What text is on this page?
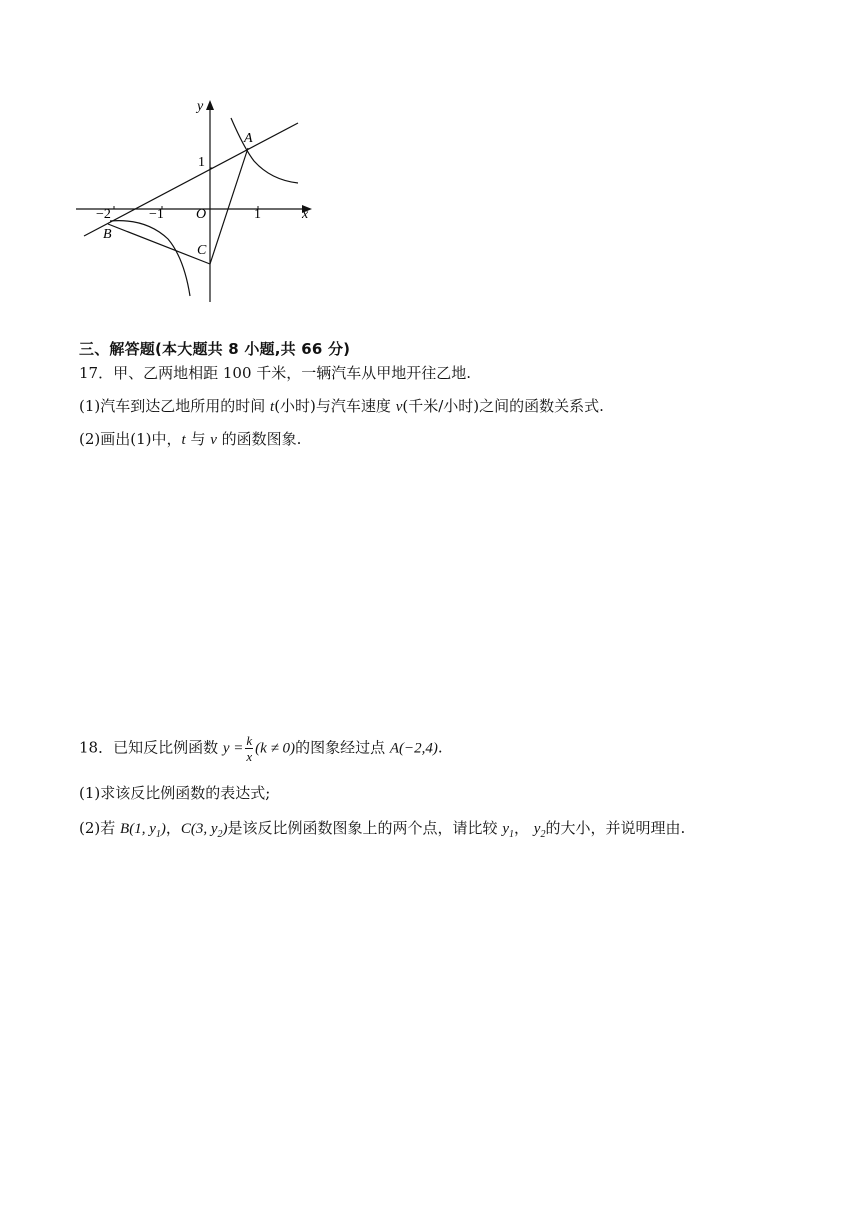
y
x
O
−2	−1	1
1
A
B
C
三、解答题(本大题共 8 小题,共 66 分)
17．甲、乙两地相距 100 千米，一辆汽车从甲地开往乙地.
(1)汽车到达乙地所用的时间 t(小时)与汽车速度 v(千米/小时)之间的函数关系式.
(2)画出(1)中，t 与 v 的函数图象.
18．已知反比例函数 $y = \frac{k}{x} (k \ne 0)$的图象经过点 A(−2,4).
(1)求该反比例函数的表达式;
(2)若 B(1, $y_1$)，C(3, $y_2$)是该反比例函数图象上的两个点，请比较 $y_1$， $y_2$的大小，并说明理由.
